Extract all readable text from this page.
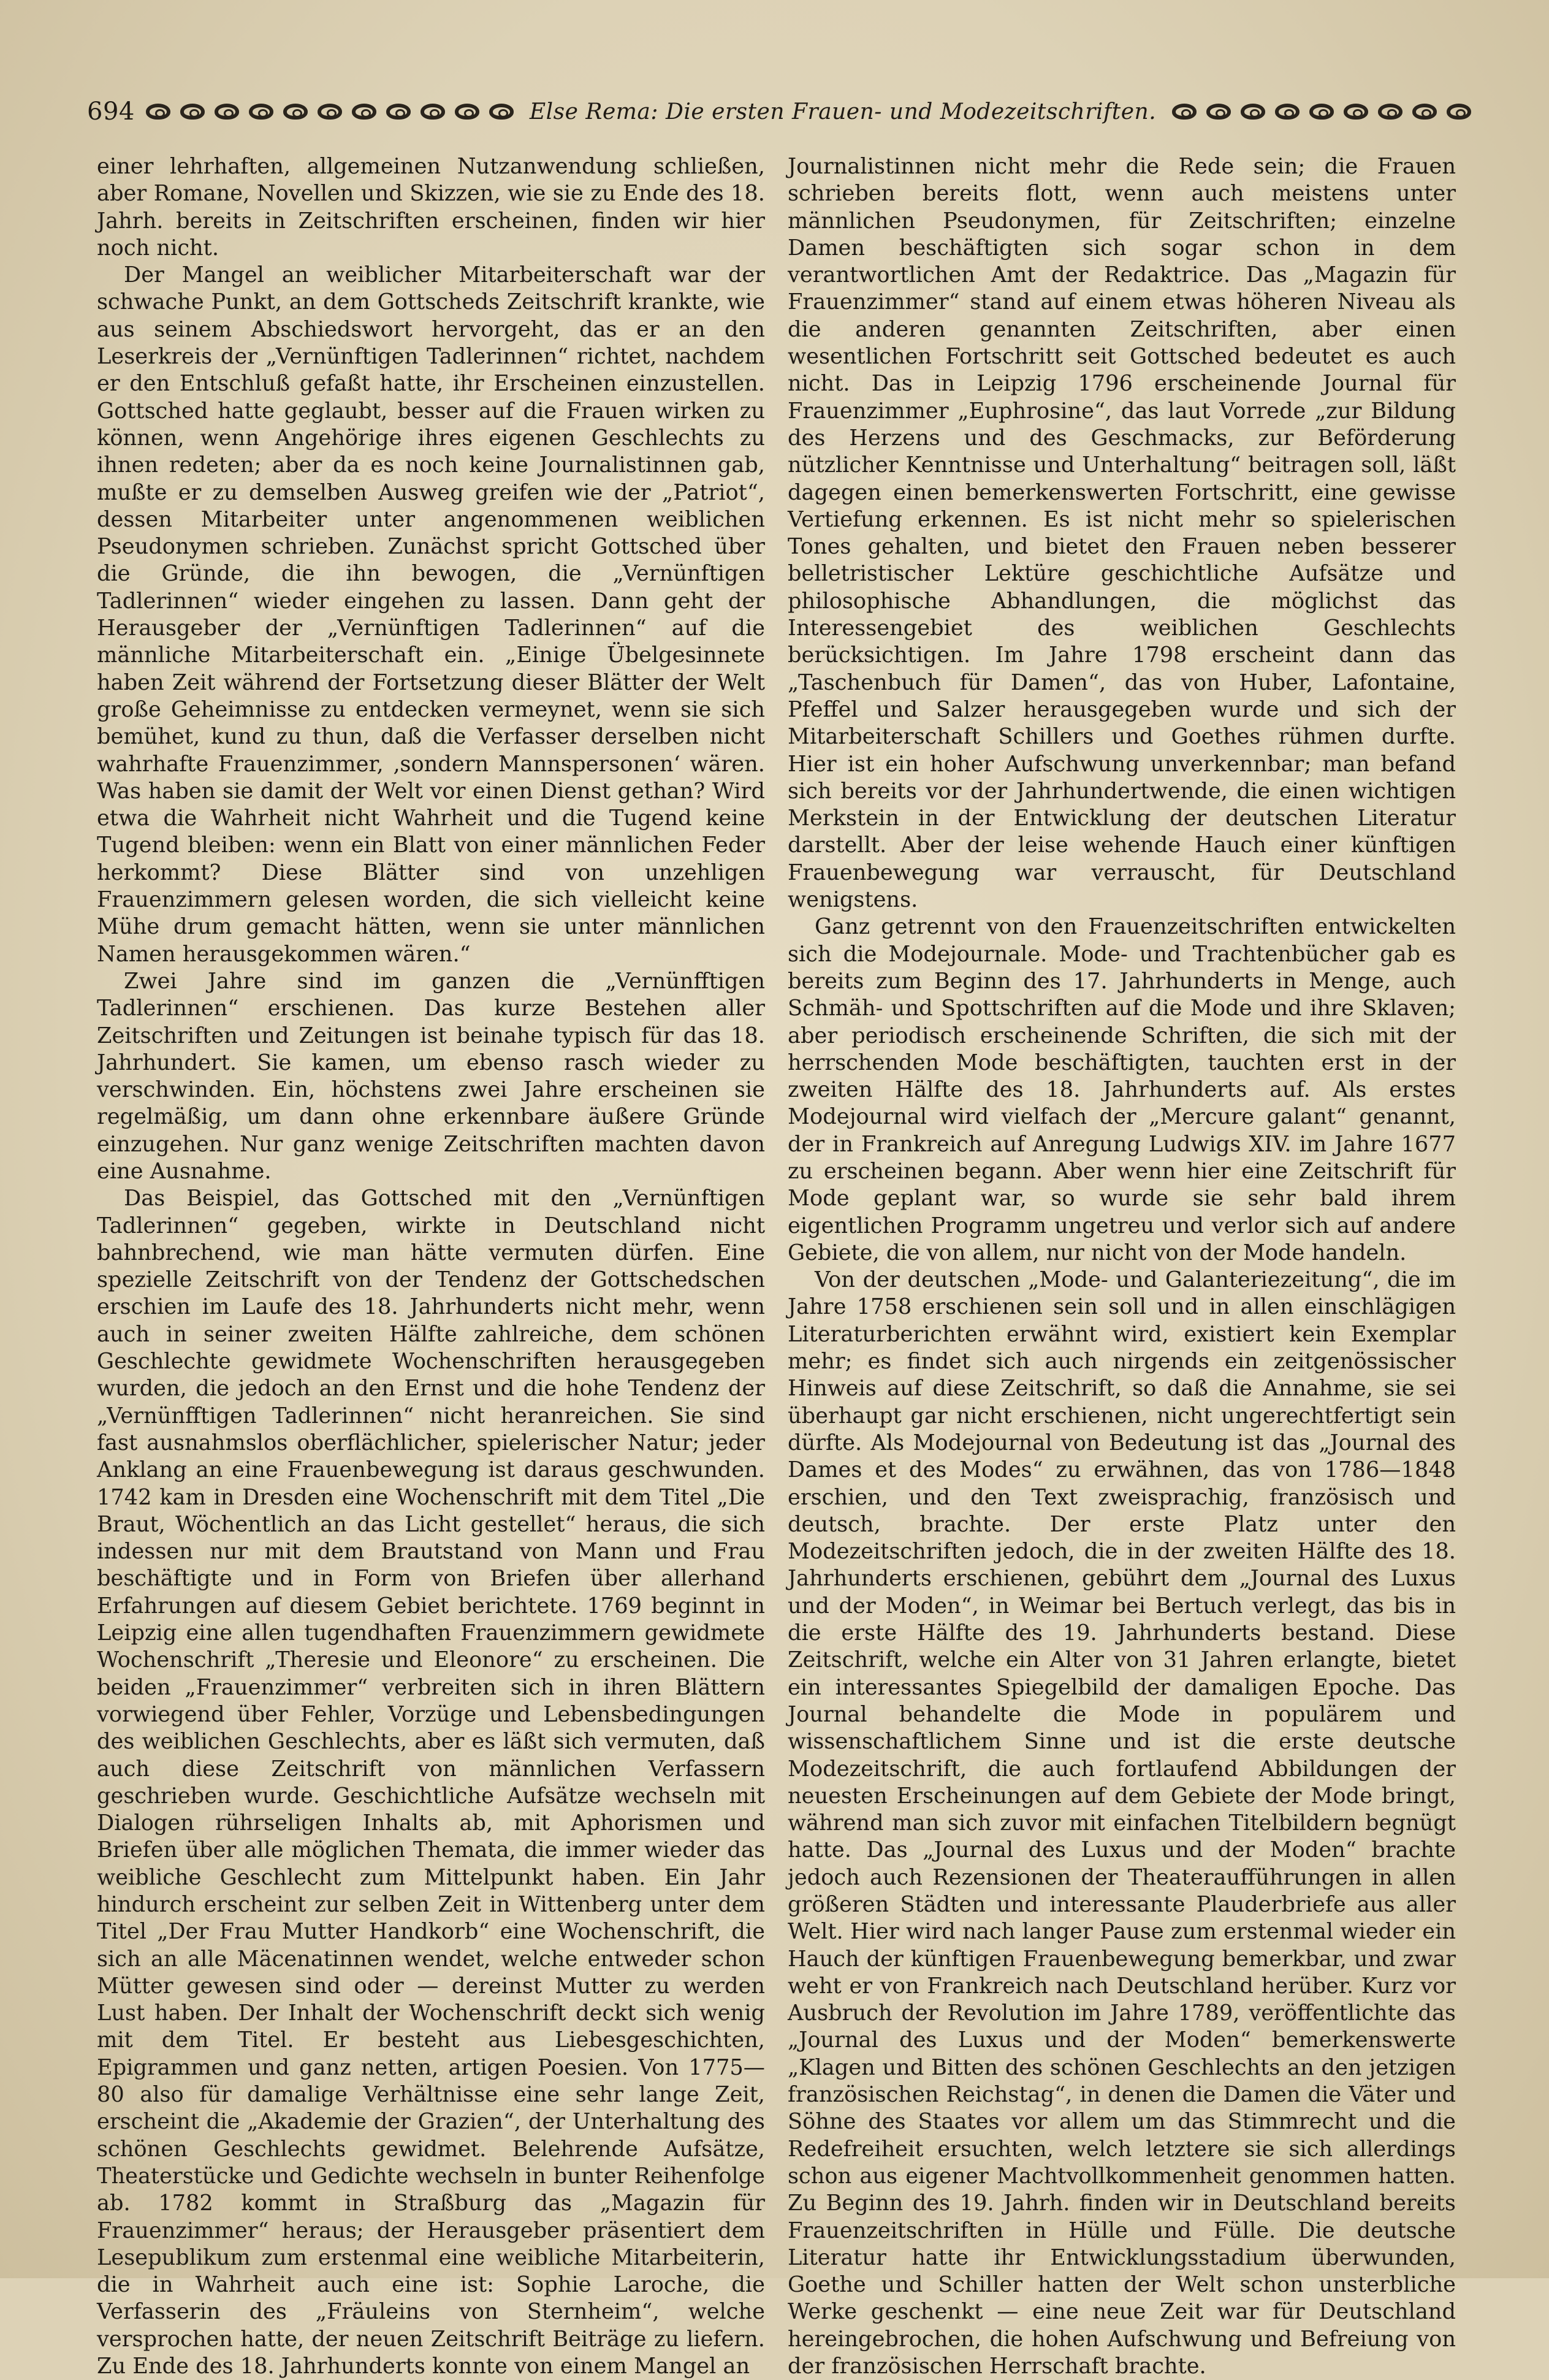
694	Else Rema: Die ersten Frauen- und Modezeitschriften.

einer lehrhaften, allgemeinen Nutzanwendung schließen, aber Romane, Novellen und Skizzen, wie sie zu Ende des 18. Jahrh. bereits in Zeitschriften erscheinen, finden wir hier noch nicht.

Der Mangel an weiblicher Mitarbeiterschaft war der schwache Punkt, an dem Gottscheds Zeitschrift krankte, wie aus seinem Abschiedswort hervorgeht, das er an den Leserkreis der „Vernünftigen Tadlerinnen“ richtet, nachdem er den Entschluß gefaßt hatte, ihr Erscheinen einzustellen. Gottsched hatte geglaubt, besser auf die Frauen wirken zu können, wenn Angehörige ihres eigenen Geschlechts zu ihnen redeten; aber da es noch keine Journalistinnen gab, mußte er zu demselben Ausweg greifen wie der „Patriot“, dessen Mitarbeiter unter angenommenen weiblichen Pseudonymen schrieben. Zunächst spricht Gottsched über die Gründe, die ihn bewogen, die „Vernünftigen Tadlerinnen“ wieder eingehen zu lassen. Dann geht der Herausgeber der „Vernünftigen Tadlerinnen“ auf die männliche Mitarbeiterschaft ein. „Einige Übelgesinnete haben Zeit während der Fortsetzung dieser Blätter der Welt große Geheimnisse zu entdecken vermeynet, wenn sie sich bemühet, kund zu thun, daß die Verfasser derselben nicht wahrhafte Frauenzimmer, ‚sondern Mannspersonen‘ wären. Was haben sie damit der Welt vor einen Dienst gethan? Wird etwa die Wahrheit nicht Wahrheit und die Tugend keine Tugend bleiben: wenn ein Blatt von einer männlichen Feder herkommt? Diese Blätter sind von unzehligen Frauenzimmern gelesen worden, die sich vielleicht keine Mühe drum gemacht hätten, wenn sie unter männlichen Namen herausgekommen wären.“

Zwei Jahre sind im ganzen die „Vernünfftigen Tadlerinnen“ erschienen. Das kurze Bestehen aller Zeitschriften und Zeitungen ist beinahe typisch für das 18. Jahrhundert. Sie kamen, um ebenso rasch wieder zu verschwinden. Ein, höchstens zwei Jahre erscheinen sie regelmäßig, um dann ohne erkennbare äußere Gründe einzugehen. Nur ganz wenige Zeitschriften machten davon eine Ausnahme.

Das Beispiel, das Gottsched mit den „Vernünftigen Tadlerinnen“ gegeben, wirkte in Deutschland nicht bahnbrechend, wie man hätte vermuten dürfen. Eine spezielle Zeitschrift von der Tendenz der Gottschedschen erschien im Laufe des 18. Jahrhunderts nicht mehr, wenn auch in seiner zweiten Hälfte zahlreiche, dem schönen Geschlechte gewidmete Wochenschriften herausgegeben wurden, die jedoch an den Ernst und die hohe Tendenz der „Vernünfftigen Tadlerinnen“ nicht heranreichen. Sie sind fast ausnahmslos oberflächlicher, spielerischer Natur; jeder Anklang an eine Frauenbewegung ist daraus geschwunden. 1742 kam in Dresden eine Wochenschrift mit dem Titel „Die Braut, Wöchentlich an das Licht gestellet“ heraus, die sich indessen nur mit dem Brautstand von Mann und Frau beschäftigte und in Form von Briefen über allerhand Erfahrungen auf diesem Gebiet berichtete. 1769 beginnt in Leipzig eine allen tugendhaften Frauenzimmern gewidmete Wochenschrift „Theresie und Eleonore“ zu erscheinen. Die beiden „Frauenzimmer“ verbreiten sich in ihren Blättern vorwiegend über Fehler, Vorzüge und Lebensbedingungen des weiblichen Geschlechts, aber es läßt sich vermuten, daß auch diese Zeitschrift von männlichen Verfassern geschrieben wurde. Geschichtliche Aufsätze wechseln mit Dialogen rührseligen Inhalts ab, mit Aphorismen und Briefen über alle möglichen Themata, die immer wieder das weibliche Geschlecht zum Mittelpunkt haben. Ein Jahr hindurch erscheint zur selben Zeit in Wittenberg unter dem Titel „Der Frau Mutter Handkorb“ eine Wochenschrift, die sich an alle Mäcenatinnen wendet, welche entweder schon Mütter gewesen sind oder — dereinst Mutter zu werden Lust haben. Der Inhalt der Wochenschrift deckt sich wenig mit dem Titel. Er besteht aus Liebesgeschichten, Epigrammen und ganz netten, artigen Poesien. Von 1775—80 also für damalige Verhältnisse eine sehr lange Zeit, erscheint die „Akademie der Grazien“, der Unterhaltung des schönen Geschlechts gewidmet. Belehrende Aufsätze, Theaterstücke und Gedichte wechseln in bunter Reihenfolge ab. 1782 kommt in Straßburg das „Magazin für Frauenzimmer“ heraus; der Herausgeber präsentiert dem Lesepublikum zum erstenmal eine weibliche Mitarbeiterin, die in Wahrheit auch eine ist: Sophie Laroche, die Verfasserin des „Fräuleins von Sternheim“, welche versprochen hatte, der neuen Zeitschrift Beiträge zu liefern. Zu Ende des 18. Jahrhunderts konnte von einem Mangel an

Journalistinnen nicht mehr die Rede sein; die Frauen schrieben bereits flott, wenn auch meistens unter männlichen Pseudonymen, für Zeitschriften; einzelne Damen beschäftigten sich sogar schon in dem verantwortlichen Amt der Redaktrice. Das „Magazin für Frauenzimmer“ stand auf einem etwas höheren Niveau als die anderen genannten Zeitschriften, aber einen wesentlichen Fortschritt seit Gottsched bedeutet es auch nicht. Das in Leipzig 1796 erscheinende Journal für Frauenzimmer „Euphrosine“, das laut Vorrede „zur Bildung des Herzens und des Geschmacks, zur Beförderung nützlicher Kenntnisse und Unterhaltung“ beitragen soll, läßt dagegen einen bemerkenswerten Fortschritt, eine gewisse Vertiefung erkennen. Es ist nicht mehr so spielerischen Tones gehalten, und bietet den Frauen neben besserer belletristischer Lektüre geschichtliche Aufsätze und philosophische Abhandlungen, die möglichst das Interessengebiet des weiblichen Geschlechts berücksichtigen. Im Jahre 1798 erscheint dann das „Taschenbuch für Damen“, das von Huber, Lafontaine, Pfeffel und Salzer herausgegeben wurde und sich der Mitarbeiterschaft Schillers und Goethes rühmen durfte. Hier ist ein hoher Aufschwung unverkennbar; man befand sich bereits vor der Jahrhundertwende, die einen wichtigen Merkstein in der Entwicklung der deutschen Literatur darstellt. Aber der leise wehende Hauch einer künftigen Frauenbewegung war verrauscht, für Deutschland wenigstens.

Ganz getrennt von den Frauenzeitschriften entwickelten sich die Modejournale. Mode- und Trachtenbücher gab es bereits zum Beginn des 17. Jahrhunderts in Menge, auch Schmäh- und Spottschriften auf die Mode und ihre Sklaven; aber periodisch erscheinende Schriften, die sich mit der herrschenden Mode beschäftigten, tauchten erst in der zweiten Hälfte des 18. Jahrhunderts auf. Als erstes Modejournal wird vielfach der „Mercure galant“ genannt, der in Frankreich auf Anregung Ludwigs XIV. im Jahre 1677 zu erscheinen begann. Aber wenn hier eine Zeitschrift für Mode geplant war, so wurde sie sehr bald ihrem eigentlichen Programm ungetreu und verlor sich auf andere Gebiete, die von allem, nur nicht von der Mode handeln.

Von der deutschen „Mode- und Galanteriezeitung“, die im Jahre 1758 erschienen sein soll und in allen einschlägigen Literaturberichten erwähnt wird, existiert kein Exemplar mehr; es findet sich auch nirgends ein zeitgenössischer Hinweis auf diese Zeitschrift, so daß die Annahme, sie sei überhaupt gar nicht erschienen, nicht ungerechtfertigt sein dürfte. Als Modejournal von Bedeutung ist das „Journal des Dames et des Modes“ zu erwähnen, das von 1786—1848 erschien, und den Text zweisprachig, französisch und deutsch, brachte. Der erste Platz unter den Modezeitschriften jedoch, die in der zweiten Hälfte des 18. Jahrhunderts erschienen, gebührt dem „Journal des Luxus und der Moden“, in Weimar bei Bertuch verlegt, das bis in die erste Hälfte des 19. Jahrhunderts bestand. Diese Zeitschrift, welche ein Alter von 31 Jahren erlangte, bietet ein interessantes Spiegelbild der damaligen Epoche. Das Journal behandelte die Mode in populärem und wissenschaftlichem Sinne und ist die erste deutsche Modezeitschrift, die auch fortlaufend Abbildungen der neuesten Erscheinungen auf dem Gebiete der Mode bringt, während man sich zuvor mit einfachen Titelbildern begnügt hatte. Das „Journal des Luxus und der Moden“ brachte jedoch auch Rezensionen der Theateraufführungen in allen größeren Städten und interessante Plauderbriefe aus aller Welt. Hier wird nach langer Pause zum erstenmal wieder ein Hauch der künftigen Frauenbewegung bemerkbar, und zwar weht er von Frankreich nach Deutschland herüber. Kurz vor Ausbruch der Revolution im Jahre 1789, veröffentlichte das „Journal des Luxus und der Moden“ bemerkenswerte „Klagen und Bitten des schönen Geschlechts an den jetzigen französischen Reichstag“, in denen die Damen die Väter und Söhne des Staates vor allem um das Stimmrecht und die Redefreiheit ersuchten, welch letztere sie sich allerdings schon aus eigener Machtvollkommenheit genommen hatten. Zu Beginn des 19. Jahrh. finden wir in Deutschland bereits Frauenzeitschriften in Hülle und Fülle. Die deutsche Literatur hatte ihr Entwicklungsstadium überwunden, Goethe und Schiller hatten der Welt schon unsterbliche Werke geschenkt — eine neue Zeit war für Deutschland hereingebrochen, die hohen Aufschwung und Befreiung von der französischen Herrschaft brachte.
